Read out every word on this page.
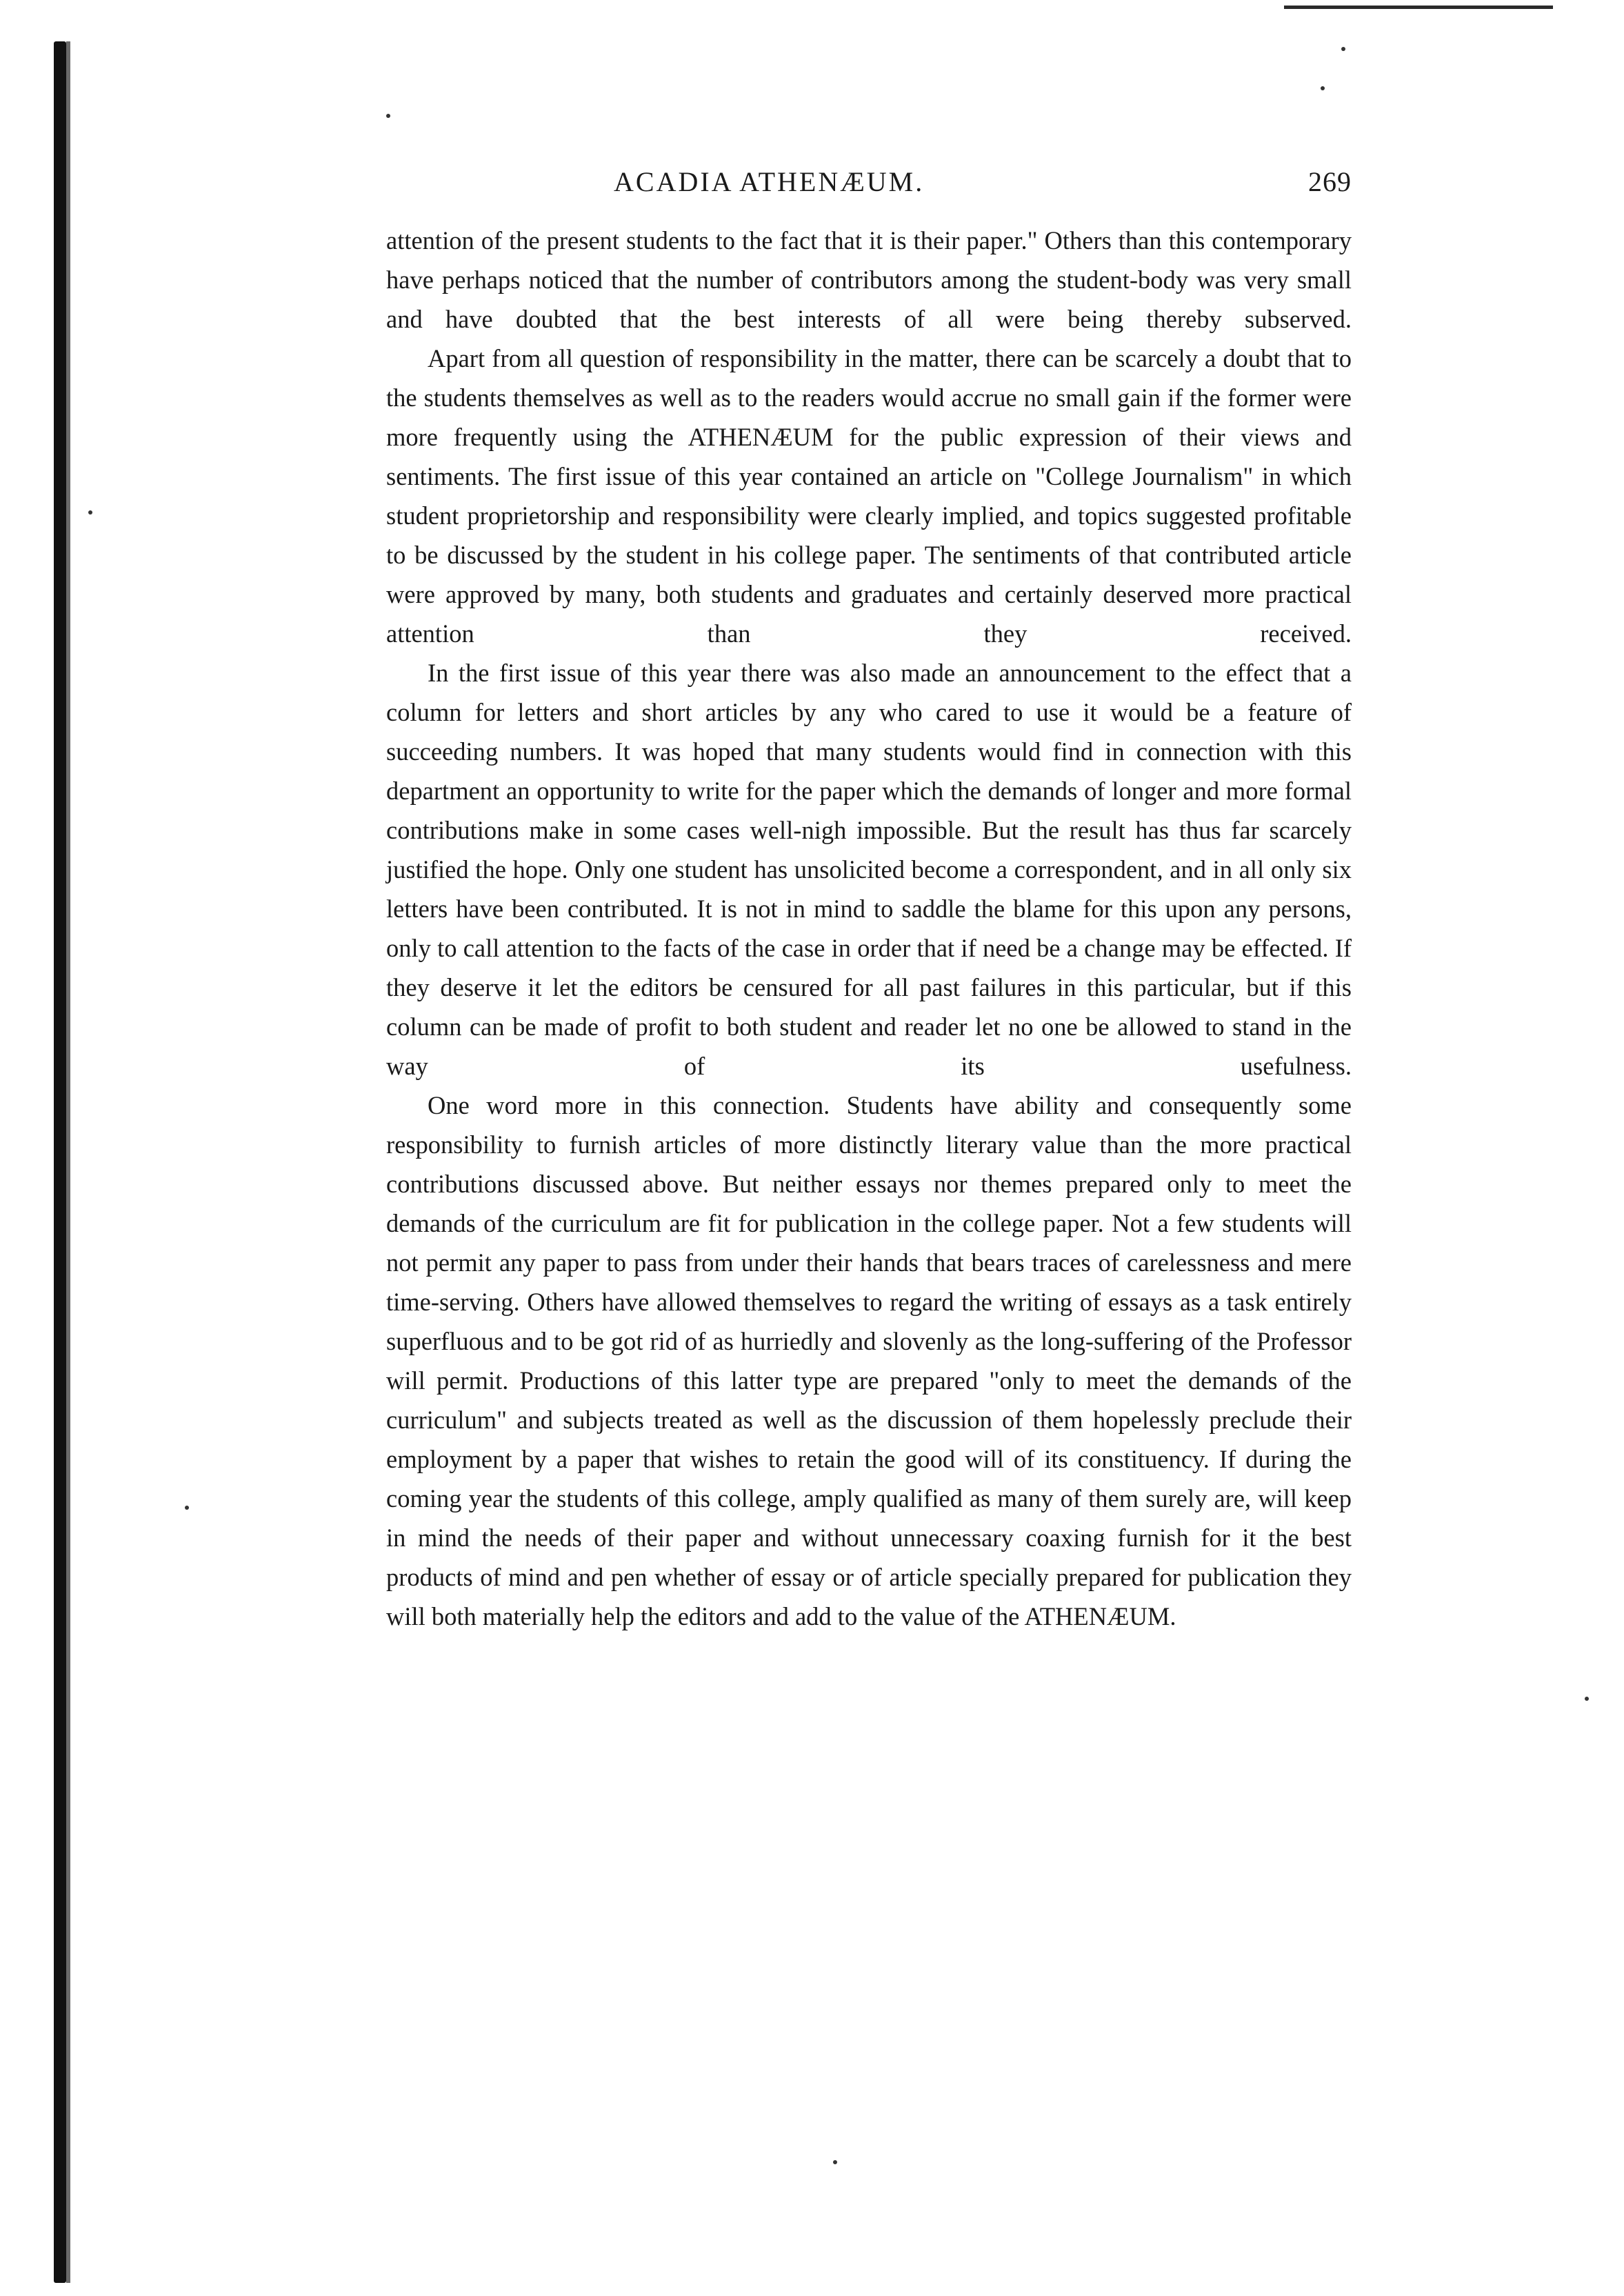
ACADIA ATHENÆUM.	269

attention of the present students to the fact that it is their paper." Others than this contemporary have perhaps noticed that the number of contributors among the student-body was very small and have doubted that the best interests of all were being thereby subserved.

Apart from all question of responsibility in the matter, there can be scarcely a doubt that to the students themselves as well as to the readers would accrue no small gain if the former were more frequently using the ATHENÆUM for the public expression of their views and sentiments. The first issue of this year contained an article on "College Journalism" in which student proprietorship and responsibility were clearly implied, and topics suggested profitable to be discussed by the student in his college paper. The sentiments of that contributed article were approved by many, both students and graduates and certainly deserved more practical attention than they received.

In the first issue of this year there was also made an announcement to the effect that a column for letters and short articles by any who cared to use it would be a feature of succeeding numbers. It was hoped that many students would find in connection with this department an opportunity to write for the paper which the demands of longer and more formal contributions make in some cases well-nigh impossible. But the result has thus far scarcely justified the hope. Only one student has unsolicited become a correspondent, and in all only six letters have been contributed. It is not in mind to saddle the blame for this upon any persons, only to call attention to the facts of the case in order that if need be a change may be effected. If they deserve it let the editors be censured for all past failures in this particular, but if this column can be made of profit to both student and reader let no one be allowed to stand in the way of its usefulness.

One word more in this connection. Students have ability and consequently some responsibility to furnish articles of more distinctly literary value than the more practical contributions discussed above. But neither essays nor themes prepared only to meet the demands of the curriculum are fit for publication in the college paper. Not a few students will not permit any paper to pass from under their hands that bears traces of carelessness and mere time-serving. Others have allowed themselves to regard the writing of essays as a task entirely superfluous and to be got rid of as hurriedly and slovenly as the long-suffering of the Professor will permit. Productions of this latter type are prepared "only to meet the demands of the curriculum" and subjects treated as well as the discussion of them hopelessly preclude their employment by a paper that wishes to retain the good will of its constituency. If during the coming year the students of this college, amply qualified as many of them surely are, will keep in mind the needs of their paper and without unnecessary coaxing furnish for it the best products of mind and pen whether of essay or of article specially prepared for publication they will both materially help the editors and add to the value of the ATHENÆUM.
